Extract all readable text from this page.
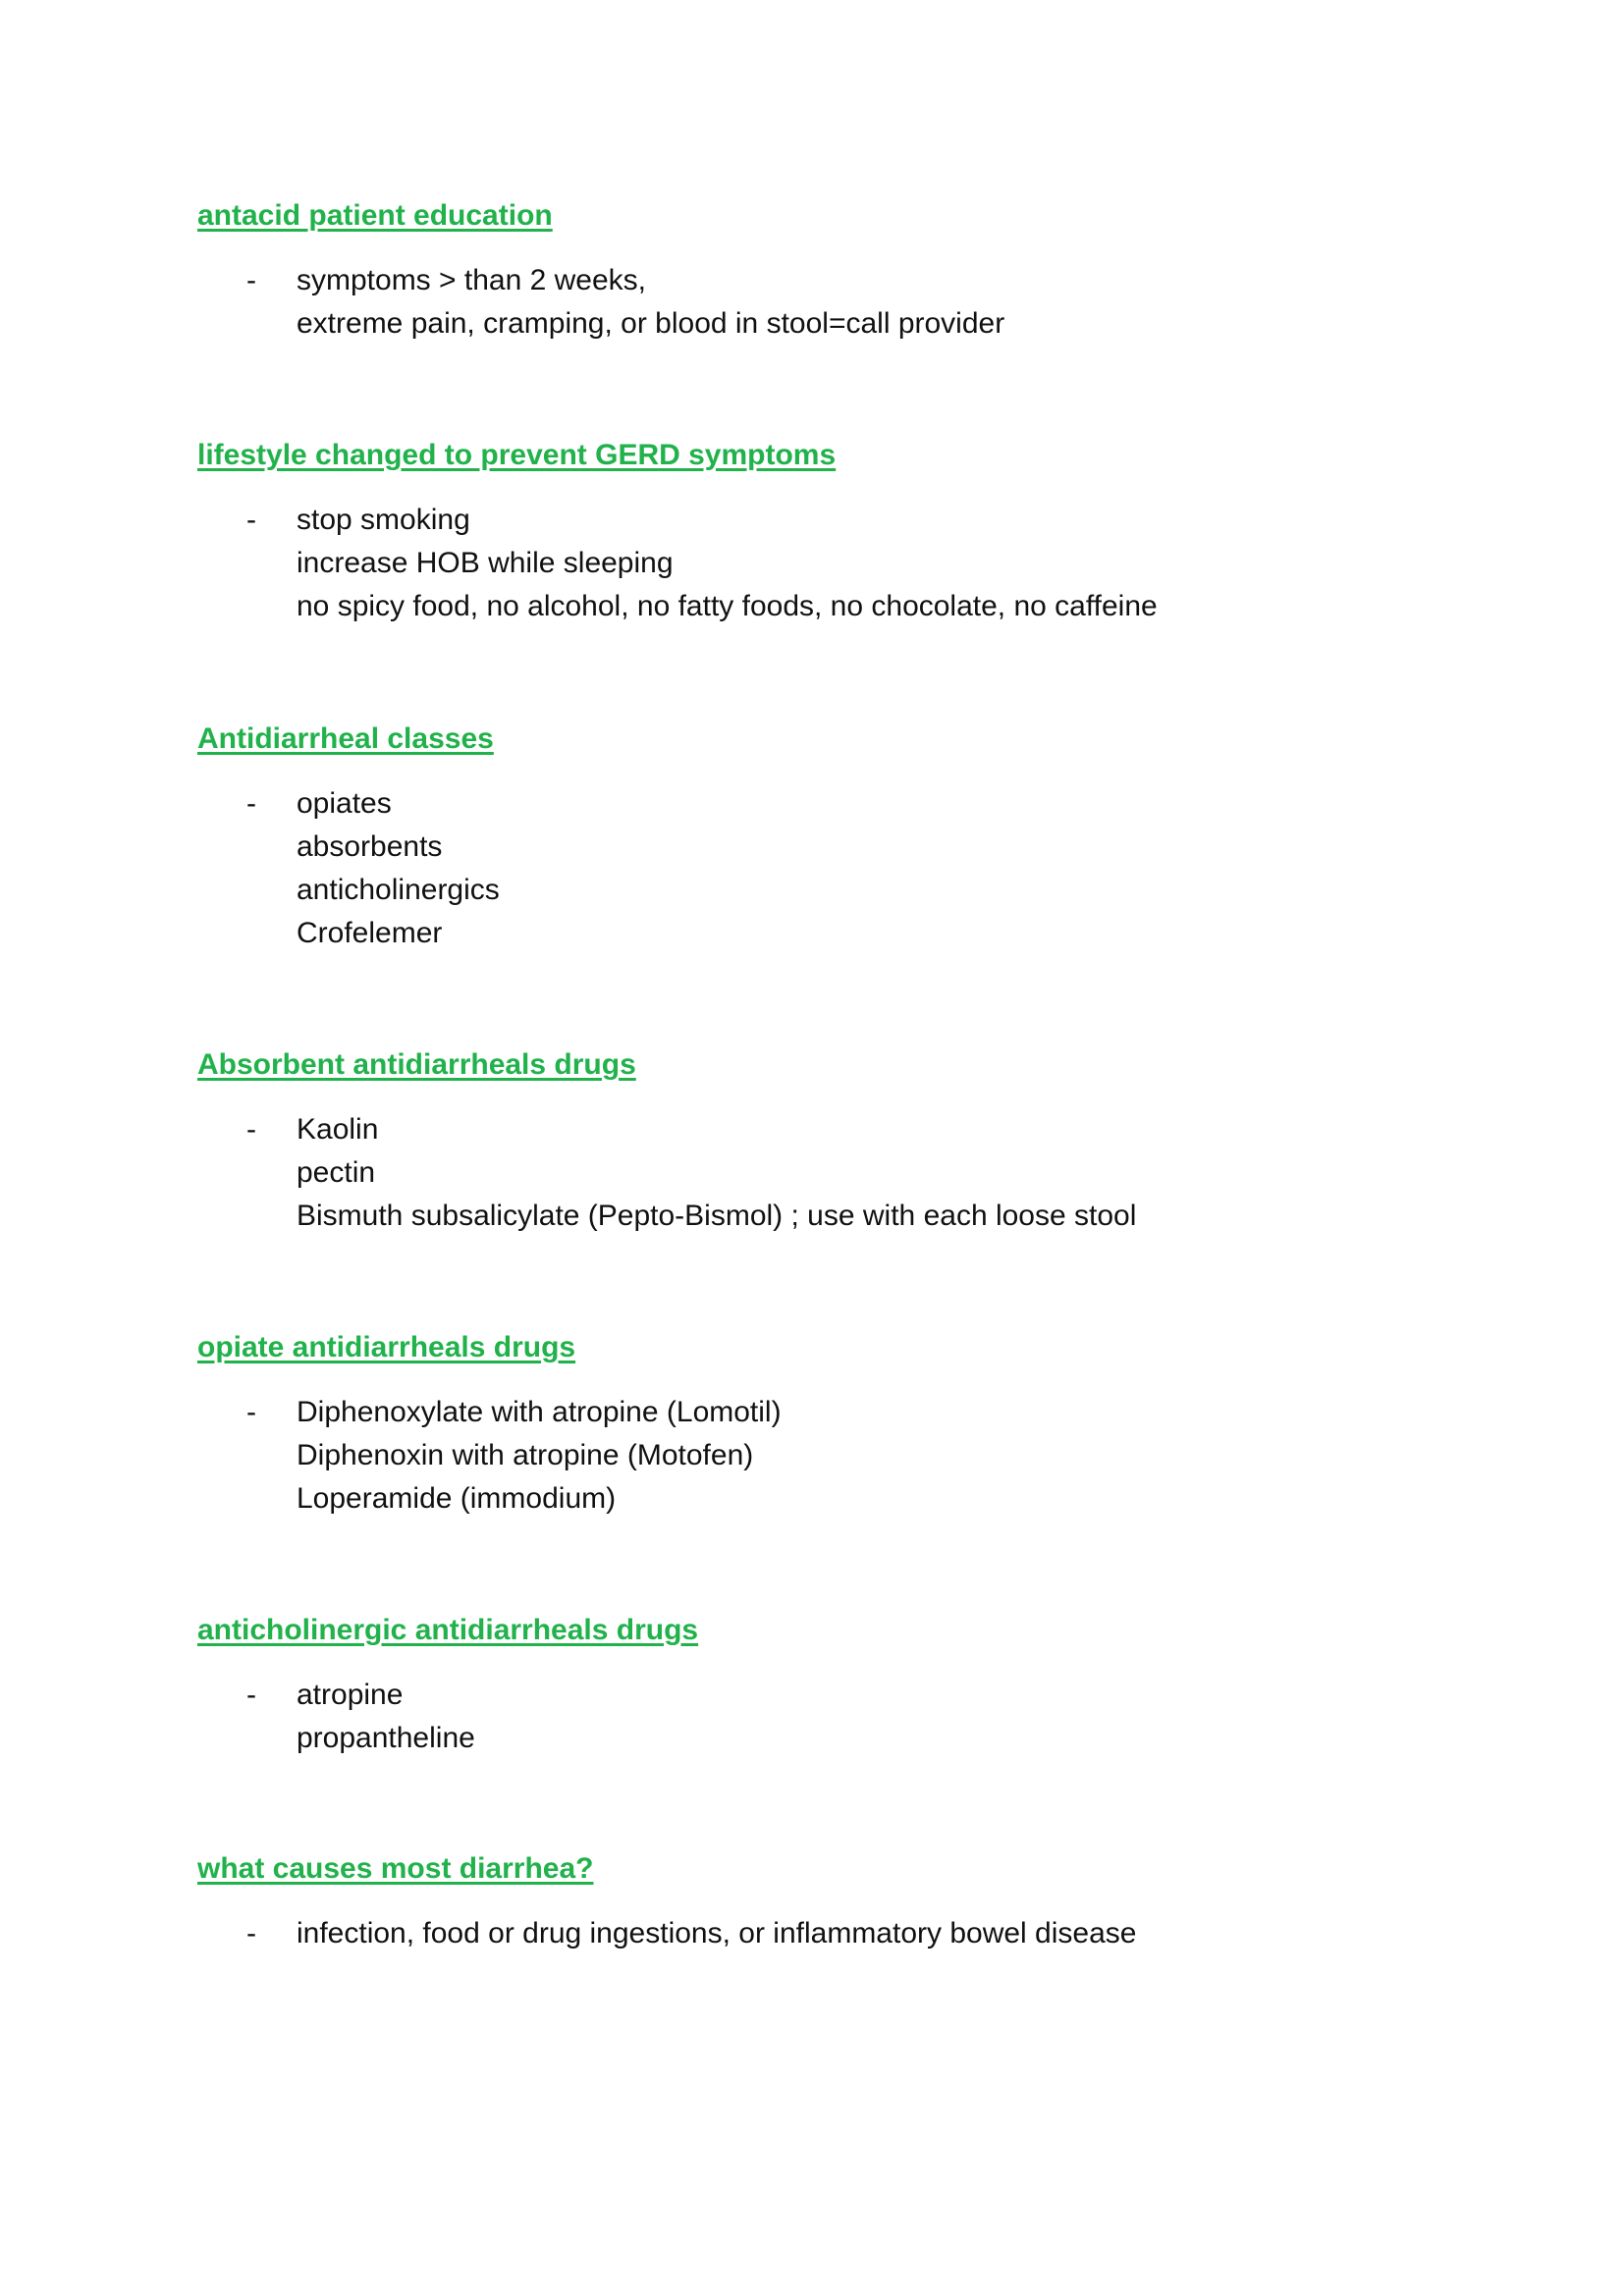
antacid patient education

- symptoms > than 2 weeks,

extreme pain, cramping, or blood in stool=call provider

lifestyle changed to prevent GERD symptoms

- stop smoking

increase HOB while sleeping

no spicy food, no alcohol, no fatty foods, no chocolate, no caffeine

Antidiarrheal classes

- opiates

absorbents

anticholinergics

Crofelemer

Absorbent antidiarrheals drugs

- Kaolin

pectin

Bismuth subsalicylate (Pepto-Bismol) ; use with each loose stool

opiate antidiarrheals drugs

- Diphenoxylate with atropine (Lomotil)

Diphenoxin with atropine (Motofen)

Loperamide (immodium)

anticholinergic antidiarrheals drugs

- atropine

propantheline

what causes most diarrhea?

- infection, food or drug ingestions, or inflammatory bowel disease
